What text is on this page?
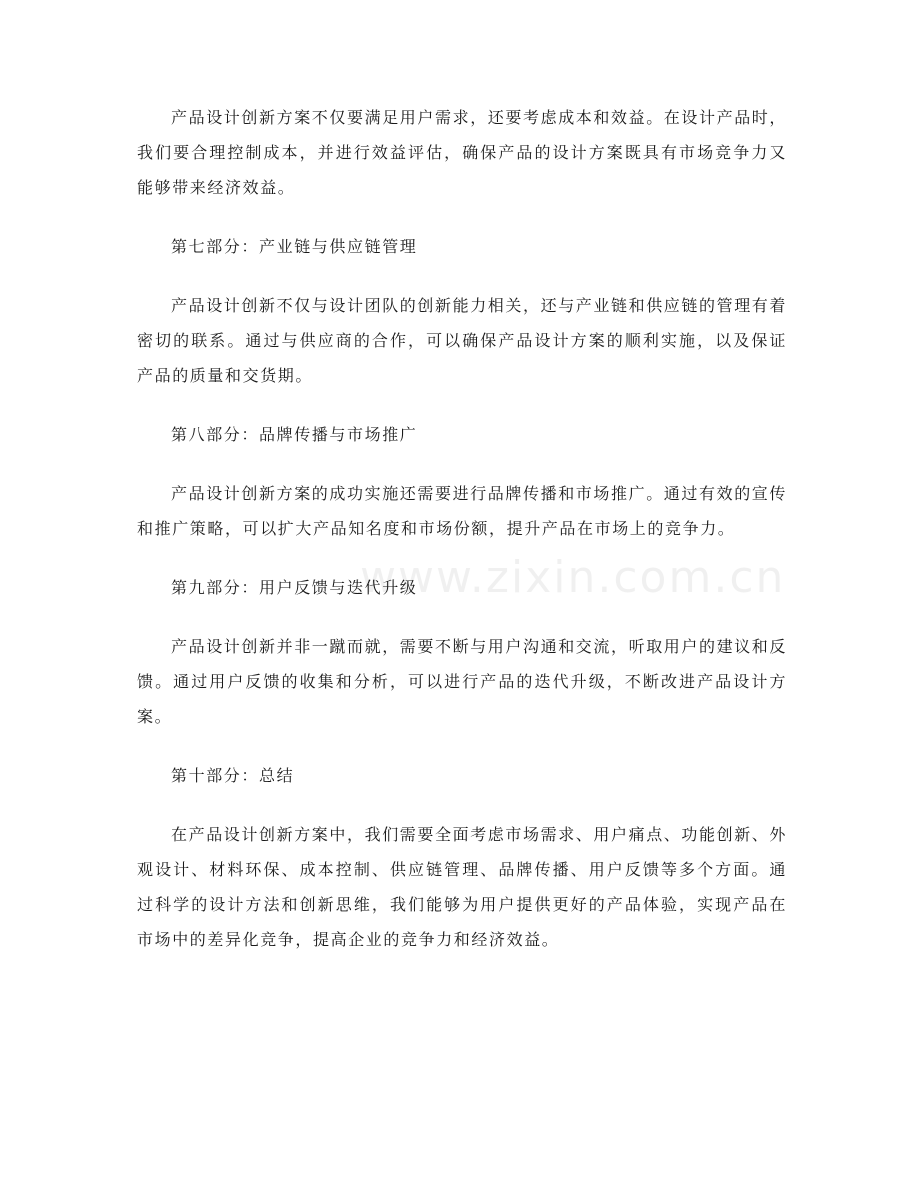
产品设计创新方案不仅要满足用户需求，还要考虑成本和效益。在设计产品时，我们要合理控制成本，并进行效益评估，确保产品的设计方案既具有市场竞争力又能够带来经济效益。

第七部分：产业链与供应链管理

产品设计创新不仅与设计团队的创新能力相关，还与产业链和供应链的管理有着密切的联系。通过与供应商的合作，可以确保产品设计方案的顺利实施，以及保证产品的质量和交货期。

第八部分：品牌传播与市场推广

产品设计创新方案的成功实施还需要进行品牌传播和市场推广。通过有效的宣传和推广策略，可以扩大产品知名度和市场份额，提升产品在市场上的竞争力。

第九部分：用户反馈与迭代升级

产品设计创新并非一蹴而就，需要不断与用户沟通和交流，听取用户的建议和反馈。通过用户反馈的收集和分析，可以进行产品的迭代升级，不断改进产品设计方案。

第十部分：总结

在产品设计创新方案中，我们需要全面考虑市场需求、用户痛点、功能创新、外观设计、材料环保、成本控制、供应链管理、品牌传播、用户反馈等多个方面。通过科学的设计方法和创新思维，我们能够为用户提供更好的产品体验，实现产品在市场中的差异化竞争，提高企业的竞争力和经济效益。

www.zixin.com.cn
